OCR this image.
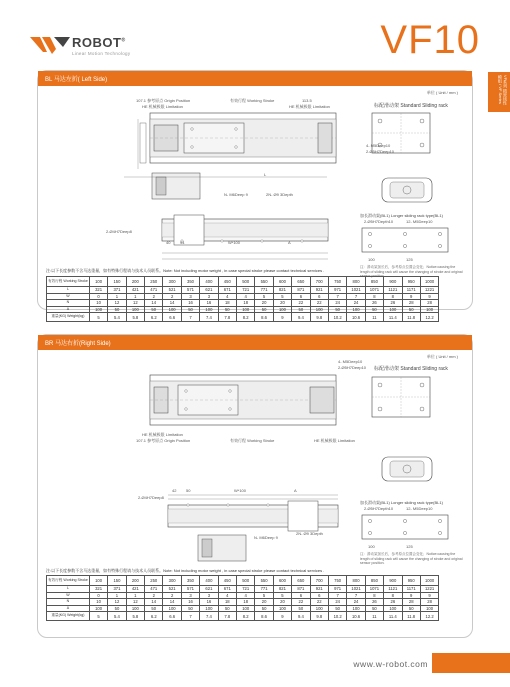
ROBOT®
Linear Motion Technology	VF10
VF系列 精密线性模组 / VF Series
BL 马达左折( Left Side)
单位 ( Unit / mm )
107.1 参考原点 Origin Position
HE 机械极限 Limitation
有效行程 Working Stroke	113.5
HE 机械极限 Limitation	标配滑动架 Standard Sliding rack
4- M5Deep10
2-Ø5H7Deep10
N- M6Deep 9	2N- Ø9 3Depth
2-Ø4H7Deep8
L
40 94	W*100	A
加长滑动架(BL1) Longer sliding rack type(BL1)
2-Ø5H7Depth10	12- M5Deep10
100	125
注：滑动架加长后，参考原点位置会变化；Notice:causing the length of sliding rack will cause the changing of stroke and original sensor position.
注:以下长度参数不含马达重量，如有特殊行程请与技术人员联系。Note: Not including motor weight , in case special stroke please contact technical services .
有效行程 Working Stroke	100	150	200	250	300	350	400	450	500	550	600	650	700	750	800	850	900	950	1000
L	321	371	421	471	521	571	621	671	721	771	821	871	921	971	1021	1071	1121	1171	1221
W	0	1	1	2	2	3	3	4	4	5	5	6	6	7	7	8	8	9	9
N	10	12	12	14	14	16	16	18	18	20	20	22	22	24	24	26	26	28	28
A	100	50	100	50	100	50	100	50	100	50	100	50	100	50	100	50	100	50	100
重量(KG) Weight(kg)	5	5.4	5.8	6.2	6.6	7	7.4	7.8	8.2	8.6	9	9.4	9.8	10.2	10.6	11	11.4	11.8	12.2
BR 马达右折(Right Side)
单位 ( Unit / mm )
标配滑动架 Standard Sliding rack
4- M5Deep10
2-Ø5H7Deep10
HE 机械极限 Limitation
107.1 参考原点 Origin Position	有效行程 Working Stroke	HE 机械极限 Limitation
42 50	W*100	A
2-Ø4H7Deep8
N- M6Deep 9
2N- Ø9 3Depth
加长滑动架(BL1) Longer sliding rack type(BL1)
2-Ø5H7Depth10	12- M5Deep10
100	125
注：滑动架加长后，参考原点位置会变化；Notice:causing the length of sliding rack will cause the changing of stroke and original sensor position.
注:以下长度参数不含马达重量，如有特殊行程请与技术人员联系。Note: Not including motor weight , in case special stroke please contact technical services .
有效行程 Working Stroke	100	150	200	250	300	350	400	450	500	550	600	650	700	750	800	850	900	950	1000
L	321	371	421	471	521	571	621	671	721	771	821	871	921	971	1021	1071	1121	1171	1221
W	0	1	1	2	2	3	3	4	4	5	5	6	6	7	7	8	8	9	9
N	10	12	12	14	14	16	16	18	18	20	20	22	22	24	24	26	26	28	28
A	100	50	100	50	100	50	100	50	100	50	100	50	100	50	100	50	100	50	100
重量(KG) Weight(kg)	5	5.4	5.8	6.2	6.6	7	7.4	7.8	8.2	8.6	9	9.4	9.8	10.2	10.6	11	11.4	11.8	12.2
www.w-robot.com
